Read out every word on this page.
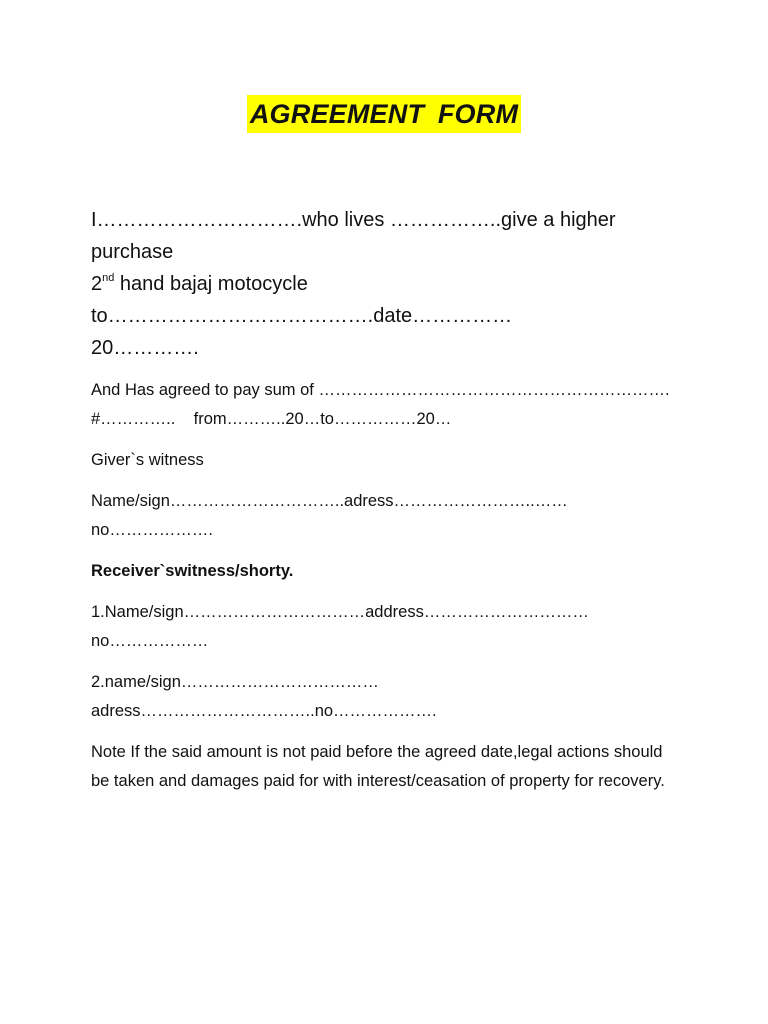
AGREEMENT FORM
I………………………….who lives ……………..give a higher purchase
2nd hand bajaj motocycle to………………………………….date……………
20………….
And Has agreed to pay sum of ……………………………………………………….
#…………..    from………..20…to……………20…
Giver`s witness
Name/sign…………………………..adress……………………..……no……………….
Receiver`switness/shorty.
1.Name/sign……………………………address…………………………no………………
2.name/sign………………………………adress…………………………..no……………….
Note If the said amount is not paid before the agreed date,legal actions should be taken and damages paid for with interest/ceasation of property for recovery.
